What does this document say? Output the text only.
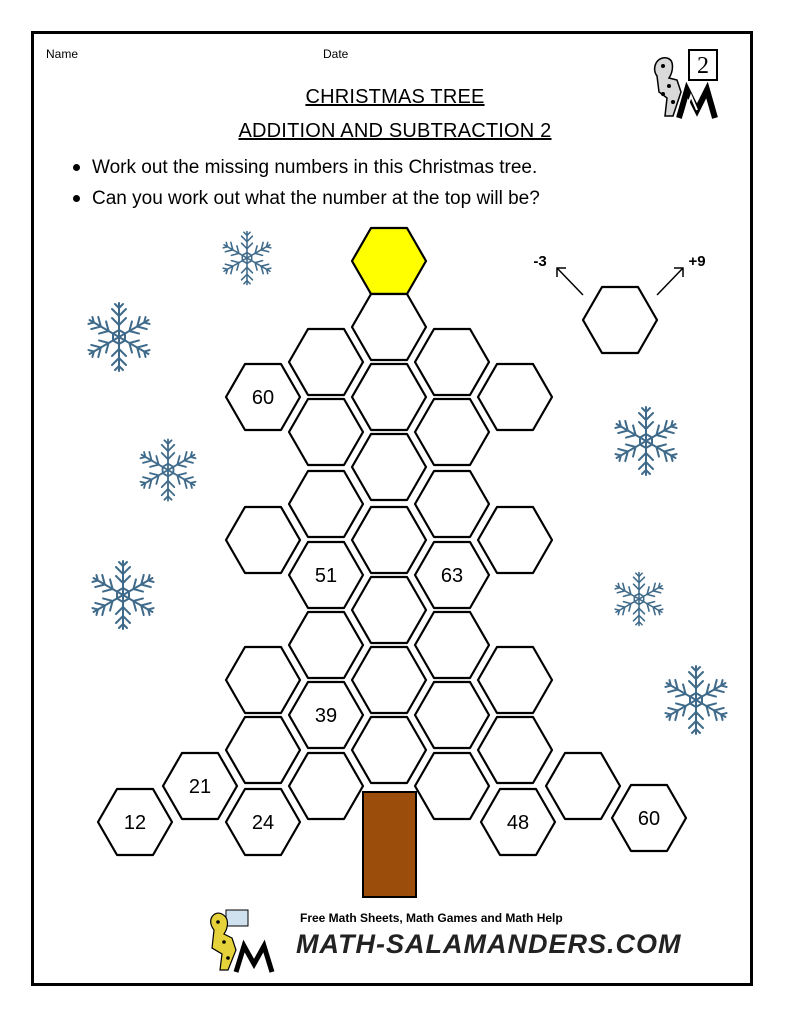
Name	Date	2
CHRISTMAS TREE
ADDITION AND SUBTRACTION 2
Work out the missing numbers in this Christmas tree.
Can you work out what the number at the top will be?
-3	+9
60
51	63
39
21
12	24	48	60
Free Math Sheets, Math Games and Math Help
MATH-SALAMANDERS.COM
